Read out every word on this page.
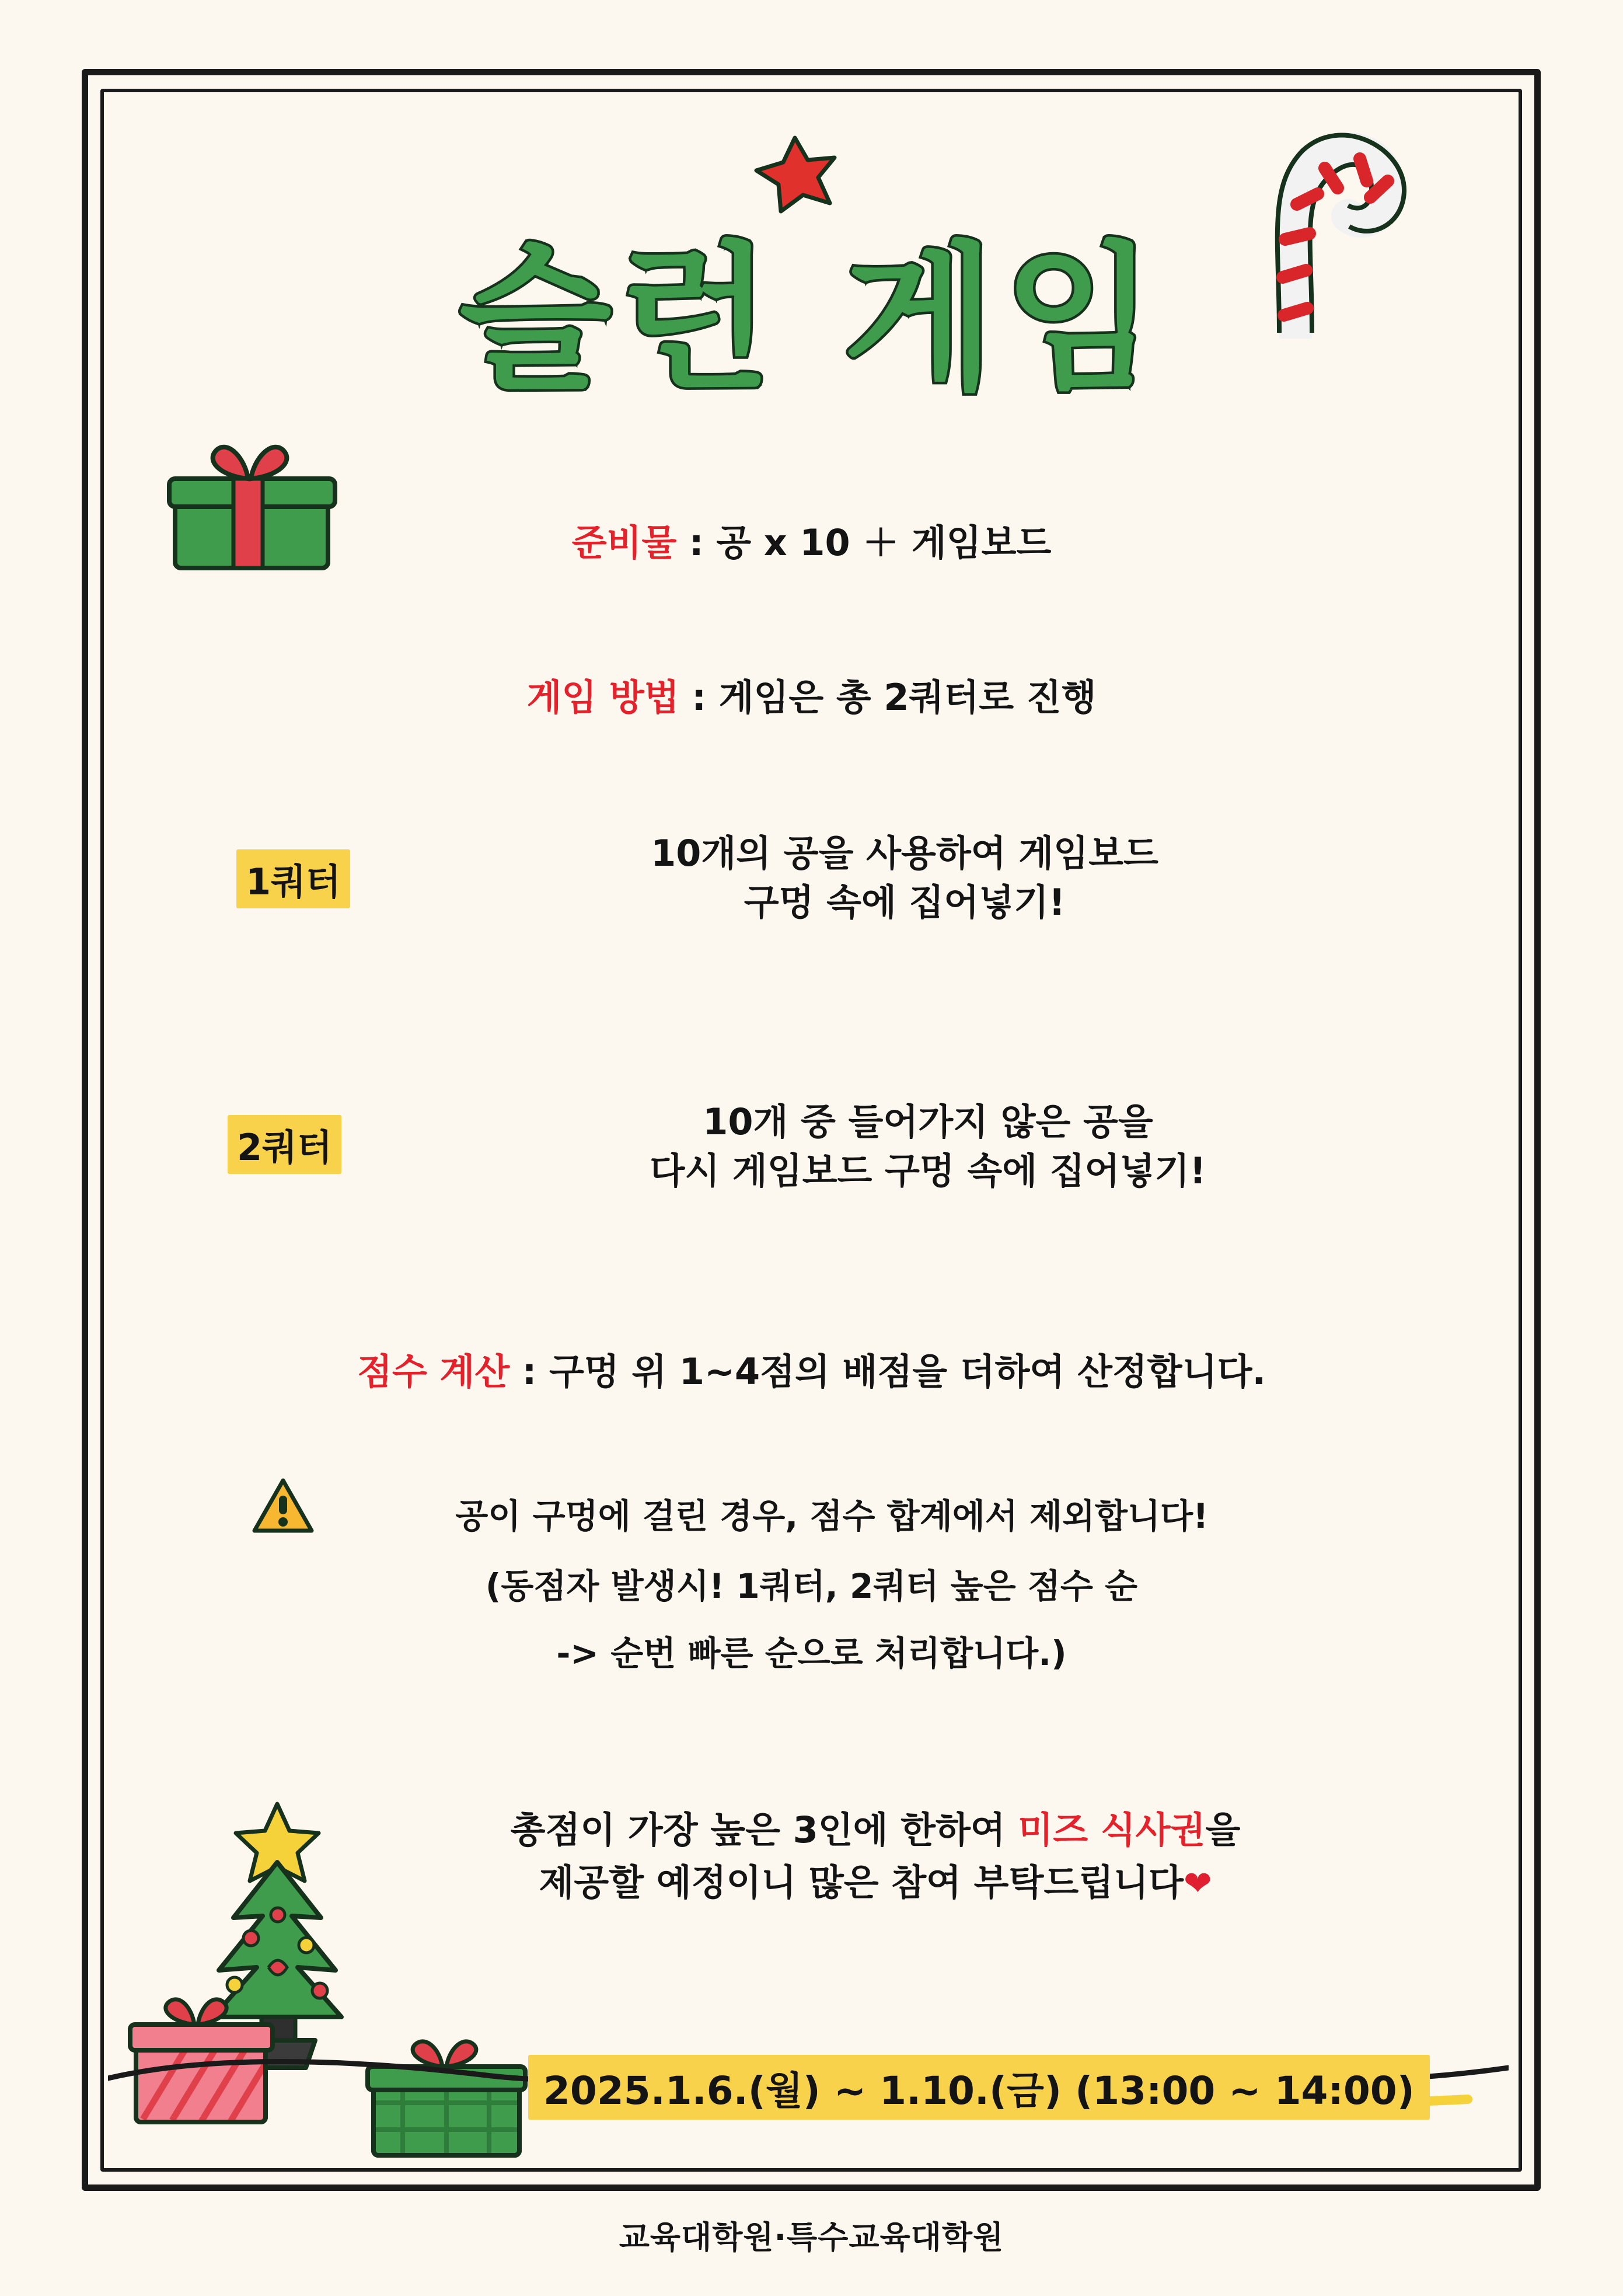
슬런 게임
준비물 : 공 x 10 ＋ 게임보드
게임 방법 : 게임은 총 2쿼터로 진행
1쿼터
10개의 공을 사용하여 게임보드
구멍 속에 집어넣기!
2쿼터
10개 중 들어가지 않은 공을
다시 게임보드 구멍 속에 집어넣기!
점수 계산 : 구멍 위 1~4점의 배점을 더하여 산정합니다.
공이 구멍에 걸린 경우, 점수 합계에서 제외합니다!
(동점자 발생시! 1쿼터, 2쿼터 높은 점수 순
-> 순번 빠른 순으로 처리합니다.)
총점이 가장 높은 3인에 한하여 미즈 식사권을
제공할 예정이니 많은 참여 부탁드립니다❤
2025.1.6.(월) ~ 1.10.(금) (13:00 ~ 14:00)
교육대학원·특수교육대학원
